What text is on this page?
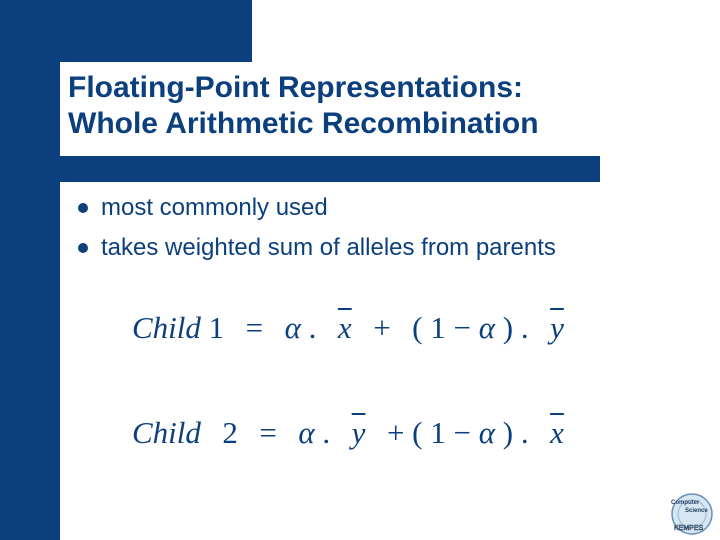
Floating-Point Representations:
Whole Arithmetic Recombination
most commonly used
takes weighted sum of alleles from parents
Child 1 = α . $\overline{x}$ + ( 1 − α ) . $\overline{y}$
Child 2 = α . $\overline{y}$ + ( 1 − α ) . $\overline{x}$
Computer
Science
KEMPES
